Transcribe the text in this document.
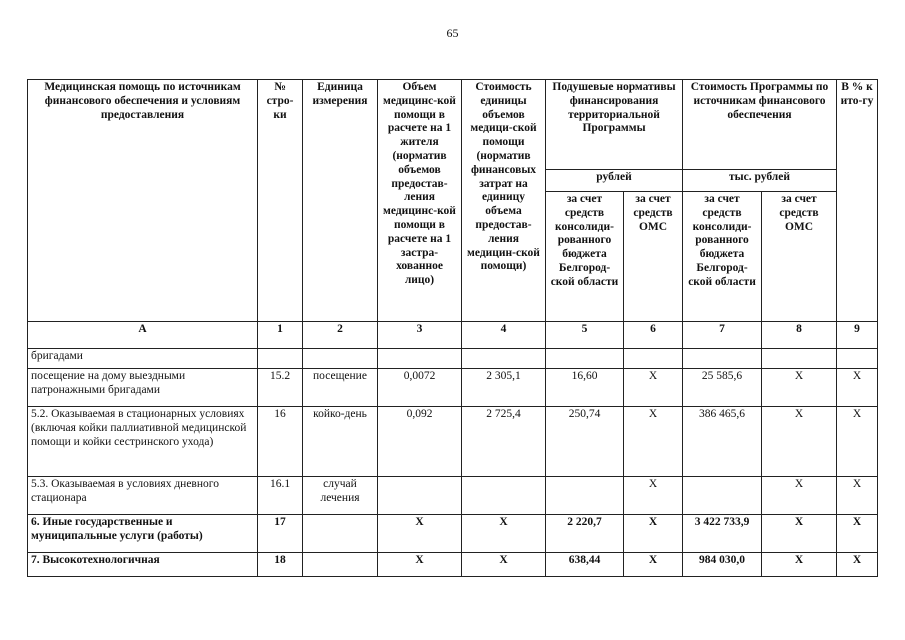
65
Медицинская помощь по источникам финансового обеспечения и условиям предоставления	№ стро-ки	Единица измерения	Объем медицинс-кой помощи в расчете на 1 жителя (норматив объемов предостав-ления медицинс-кой помощи в расчете на 1 застра-хованное лицо)	Стоимость единицы объемов медици-ской помощи (норматив финансовых затрат на единицу объема предостав-ления медицин-ской помощи)	Подушевые нормативы финансирования территориальной Программы		Стоимость Программы по источникам финансового обеспечения		В % к ито-гу
					рублей		тыс. рублей		
					за счет средств консолиди-рованного бюджета Белгород-ской области	за счет средств ОМС	за счет средств консолиди-рованного бюджета Белгород-ской области	за счет средств ОМС	
А	1	2	3	4	5	6	7	8	9
бригадами									
посещение на дому выездными патронажными бригадами	15.2	посещение	0,0072	2 305,1	16,60	Х	25 585,6	Х	Х
5.2. Оказываемая в стационарных условиях (включая койки паллиативной медицинской помощи и койки сестринского ухода)	16	койко-день	0,092	2 725,4	250,74	Х	386 465,6	Х	Х
5.3. Оказываемая в условиях дневного стационара	16.1	случай лечения				Х		Х	Х
6. Иные государственные и муниципальные услуги (работы)	17		Х	Х	2 220,7	Х	3 422 733,9	Х	Х
7. Высокотехнологичная	18		Х	Х	638,44	Х	984 030,0	Х	Х
